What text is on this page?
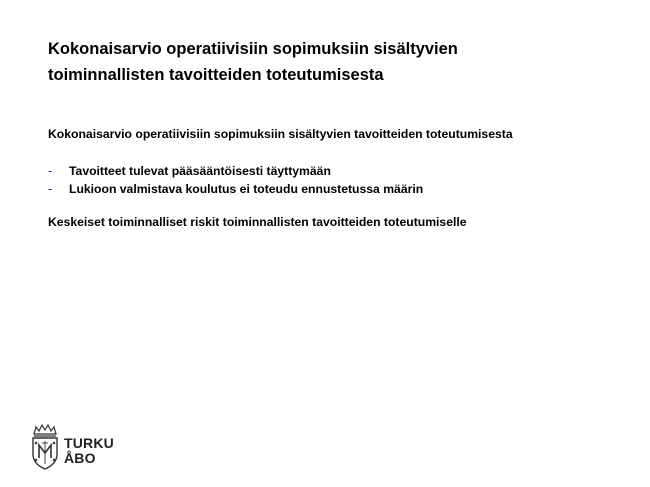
Kokonaisarvio operatiivisiin sopimuksiin sisältyvien
toiminnallisten tavoitteiden toteutumisesta

Kokonaisarvio operatiivisiin sopimuksiin sisältyvien tavoitteiden toteutumisesta

- Tavoitteet tulevat pääsääntöisesti täyttymään
- Lukioon valmistava koulutus ei toteudu ennustetussa määrin

Keskeiset toiminnalliset riskit toiminnallisten tavoitteiden toteutumiselle

TURKU
ÅBO
